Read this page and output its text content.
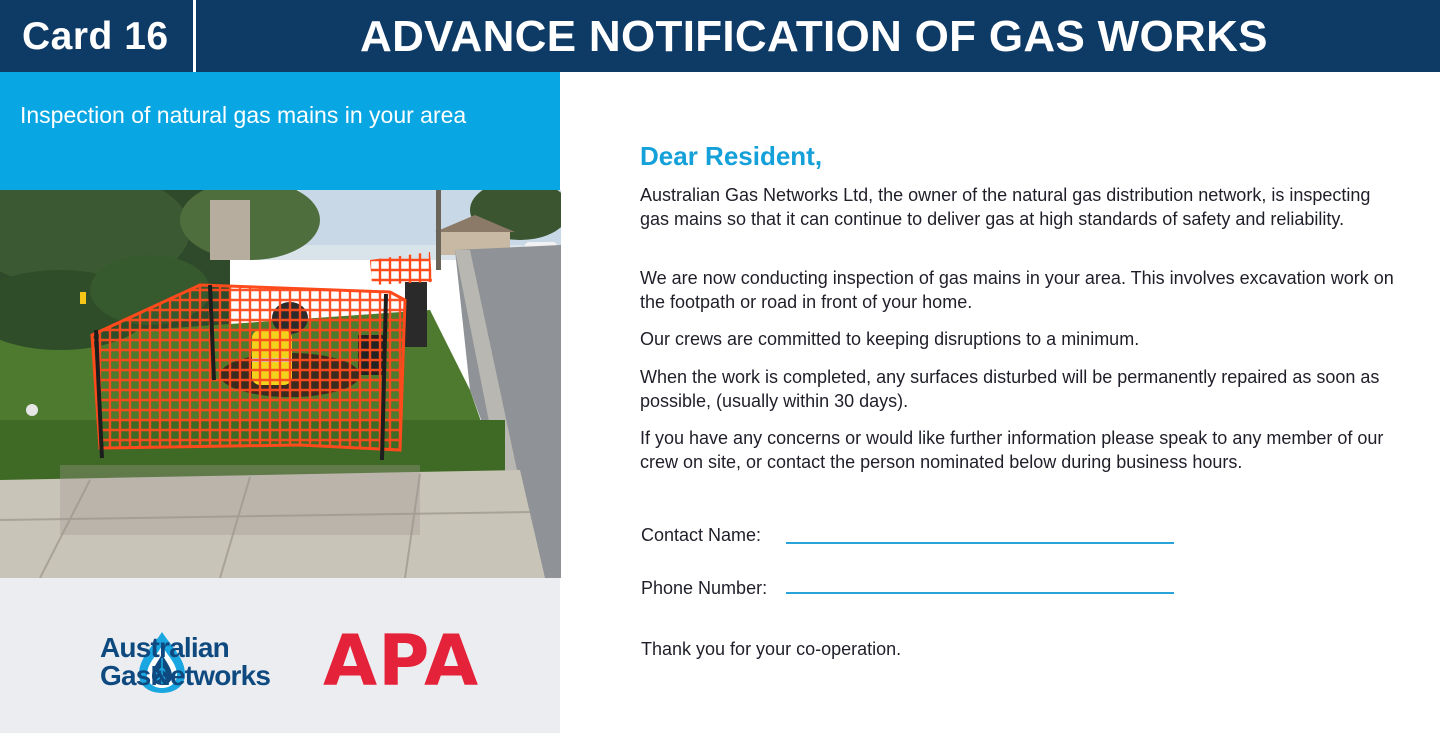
Card 16	ADVANCE NOTIFICATION OF GAS WORKS
Inspection of natural gas mains in your area
Australian
GasNetworks APA
Dear Resident,
Australian Gas Networks Ltd, the owner of the natural gas distribution network, is inspecting gas mains so that it can continue to deliver gas at high standards of safety and reliability.
We are now conducting inspection of gas mains in your area. This involves excavation work on the footpath or road in front of your home.
Our crews are committed to keeping disruptions to a minimum.
When the work is completed, any surfaces disturbed will be permanently repaired as soon as possible, (usually within 30 days).
If you have any concerns or would like further information please speak to any member of our crew on site, or contact the person nominated below during business hours.
Contact Name:
Phone Number:
Thank you for your co-operation.
